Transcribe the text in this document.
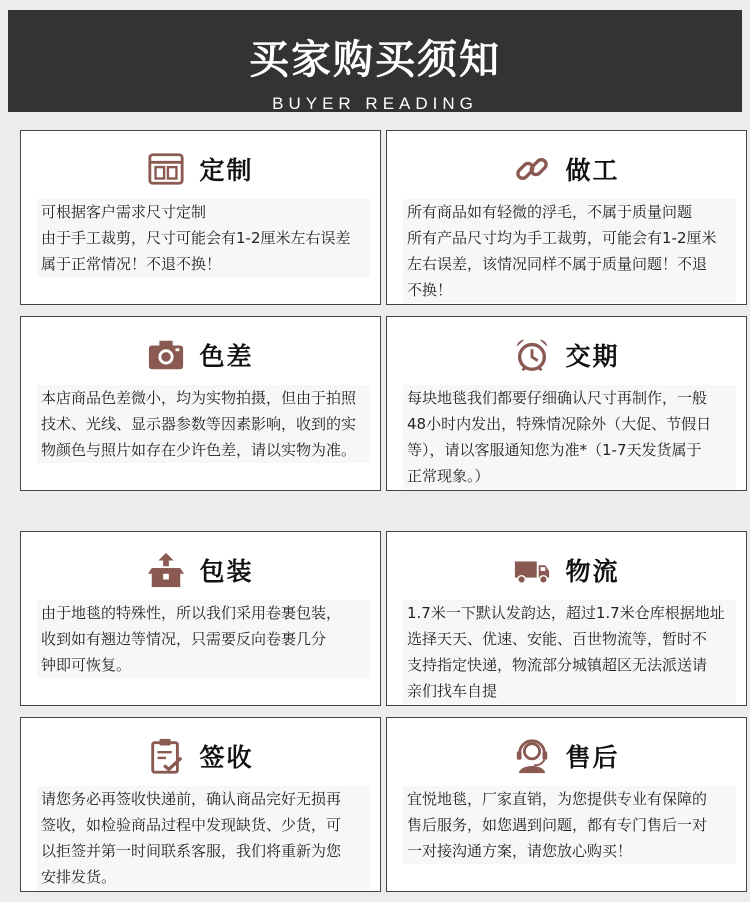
买家购买须知
BUYER READING
定制

可根据客户需求尺寸定制

由于手工裁剪，尺寸可能会有1-2厘米左右误差

属于正常情况！不退不换！

做工

所有商品如有轻微的浮毛，不属于质量问题

所有产品尺寸均为手工裁剪，可能会有1-2厘米

左右误差，该情况同样不属于质量问题！不退

不换！

色差

本店商品色差微小，均为实物拍摄，但由于拍照

技术、光线、显示器参数等因素影响，收到的实

物颜色与照片如存在少许色差，请以实物为准。

交期

每块地毯我们都要仔细确认尺寸再制作，一般

48小时内发出，特殊情况除外（大促、节假日

等），请以客服通知您为准*（1-7天发货属于

正常现象。）

包装

由于地毯的特殊性，所以我们采用卷裹包装，

收到如有翘边等情况，只需要反向卷裹几分

钟即可恢复。

物流

1.7米一下默认发韵达，超过1.7米仓库根据地址

选择天天、优速、安能、百世物流等，暂时不

支持指定快递，物流部分城镇超区无法派送请

亲们找车自提

签收

请您务必再签收快递前，确认商品完好无损再

签收，如检验商品过程中发现缺货、少货，可

以拒签并第一时间联系客服，我们将重新为您

安排发货。

售后

宜悦地毯，厂家直销，为您提供专业有保障的

售后服务，如您遇到问题，都有专门售后一对

一对接沟通方案，请您放心购买！
